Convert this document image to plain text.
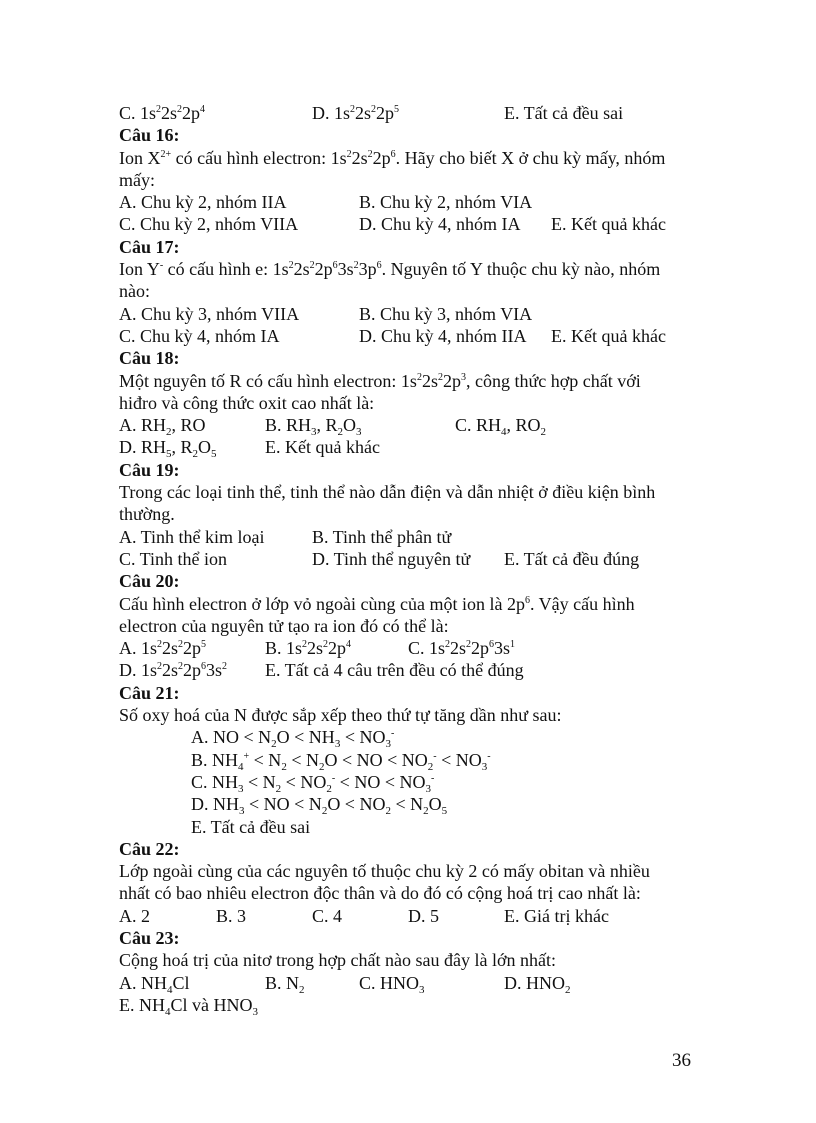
C. $1s^22s^22p^4$	D. $1s^22s^22p^5$	E. Tất cả đều sai
Câu 16:
Ion $X^{2+}$ có cấu hình electron: $1s^22s^22p^6$. Hãy cho biết X ở chu kỳ mấy, nhóm
mấy:
A. Chu kỳ 2, nhóm IIA	B. Chu kỳ 2, nhóm VIA
C. Chu kỳ 2, nhóm VIIA	D. Chu kỳ 4, nhóm IA E. Kết quả khác
Câu 17:
Ion Y- có cấu hình e: $1s^22s^22p^63s^23p^6$. Nguyên tố Y thuộc chu kỳ nào, nhóm
nào:
A. Chu kỳ 3, nhóm VIIA	B. Chu kỳ 3, nhóm VIA
C. Chu kỳ 4, nhóm IA	D. Chu kỳ 4, nhóm IIA E. Kết quả khác
Câu 18:
Một nguyên tố R có cấu hình electron: $1s^22s^22p^3$, công thức hợp chất với
hiđro và công thức oxit cao nhất là:
A. $RH_2$, RO	B. $RH_3$, $R_2O_3$	C. $RH_4$, $RO_2$
D. $RH_5$, $R_2O_5$	E. Kết quả khác
Câu 19:
Trong các loại tinh thể, tinh thể nào dẫn điện và dẫn nhiệt ở điều kiện bình
thường.
A. Tinh thể kim loại	B. Tinh thể phân tử
C. Tinh thể ion	D. Tinh thể nguyên tử E. Tất cả đều đúng
Câu 20:
Cấu hình electron ở lớp vỏ ngoài cùng của một ion là $2p^6$. Vậy cấu hình
electron của nguyên tử tạo ra ion đó có thể là:
A. $1s^22s^22p^5$	B. $1s^22s^22p^4$	C. $1s^22s^22p^63s^1$
D. $1s^22s^22p^63s^2$ E. Tất cả 4 câu trên đều có thể đúng
Câu 21:
Số oxy hoá của N được sắp xếp theo thứ tự tăng dần như sau:
A. NO < $N_2O < NH_3 < NO_3^-$
B. $NH_4^+ < N_2 < N_2O$ < NO < $NO_2^- < NO_3^-$
C. $NH_3 < N_2 < NO_2^-$ < NO < $NO_3^-$
D. $NH_3$ < NO < $N_2O < NO_2 < N_2O_5$
E. Tất cả đều sai
Câu 22:
Lớp ngoài cùng của các nguyên tố thuộc chu kỳ 2 có mấy obitan và nhiều
nhất có bao nhiêu electron độc thân và do đó có cộng hoá trị cao nhất là:
A. 2	B. 3	C. 4	D. 5	E. Giá trị khác
Câu 23:
Cộng hoá trị của nitơ trong hợp chất nào sau đây là lớn nhất:
A. $NH_4Cl$	B. $N_2$	C. $HNO_3$	D. $HNO_2$
E. $NH_4Cl$ và $HNO_3$
36
